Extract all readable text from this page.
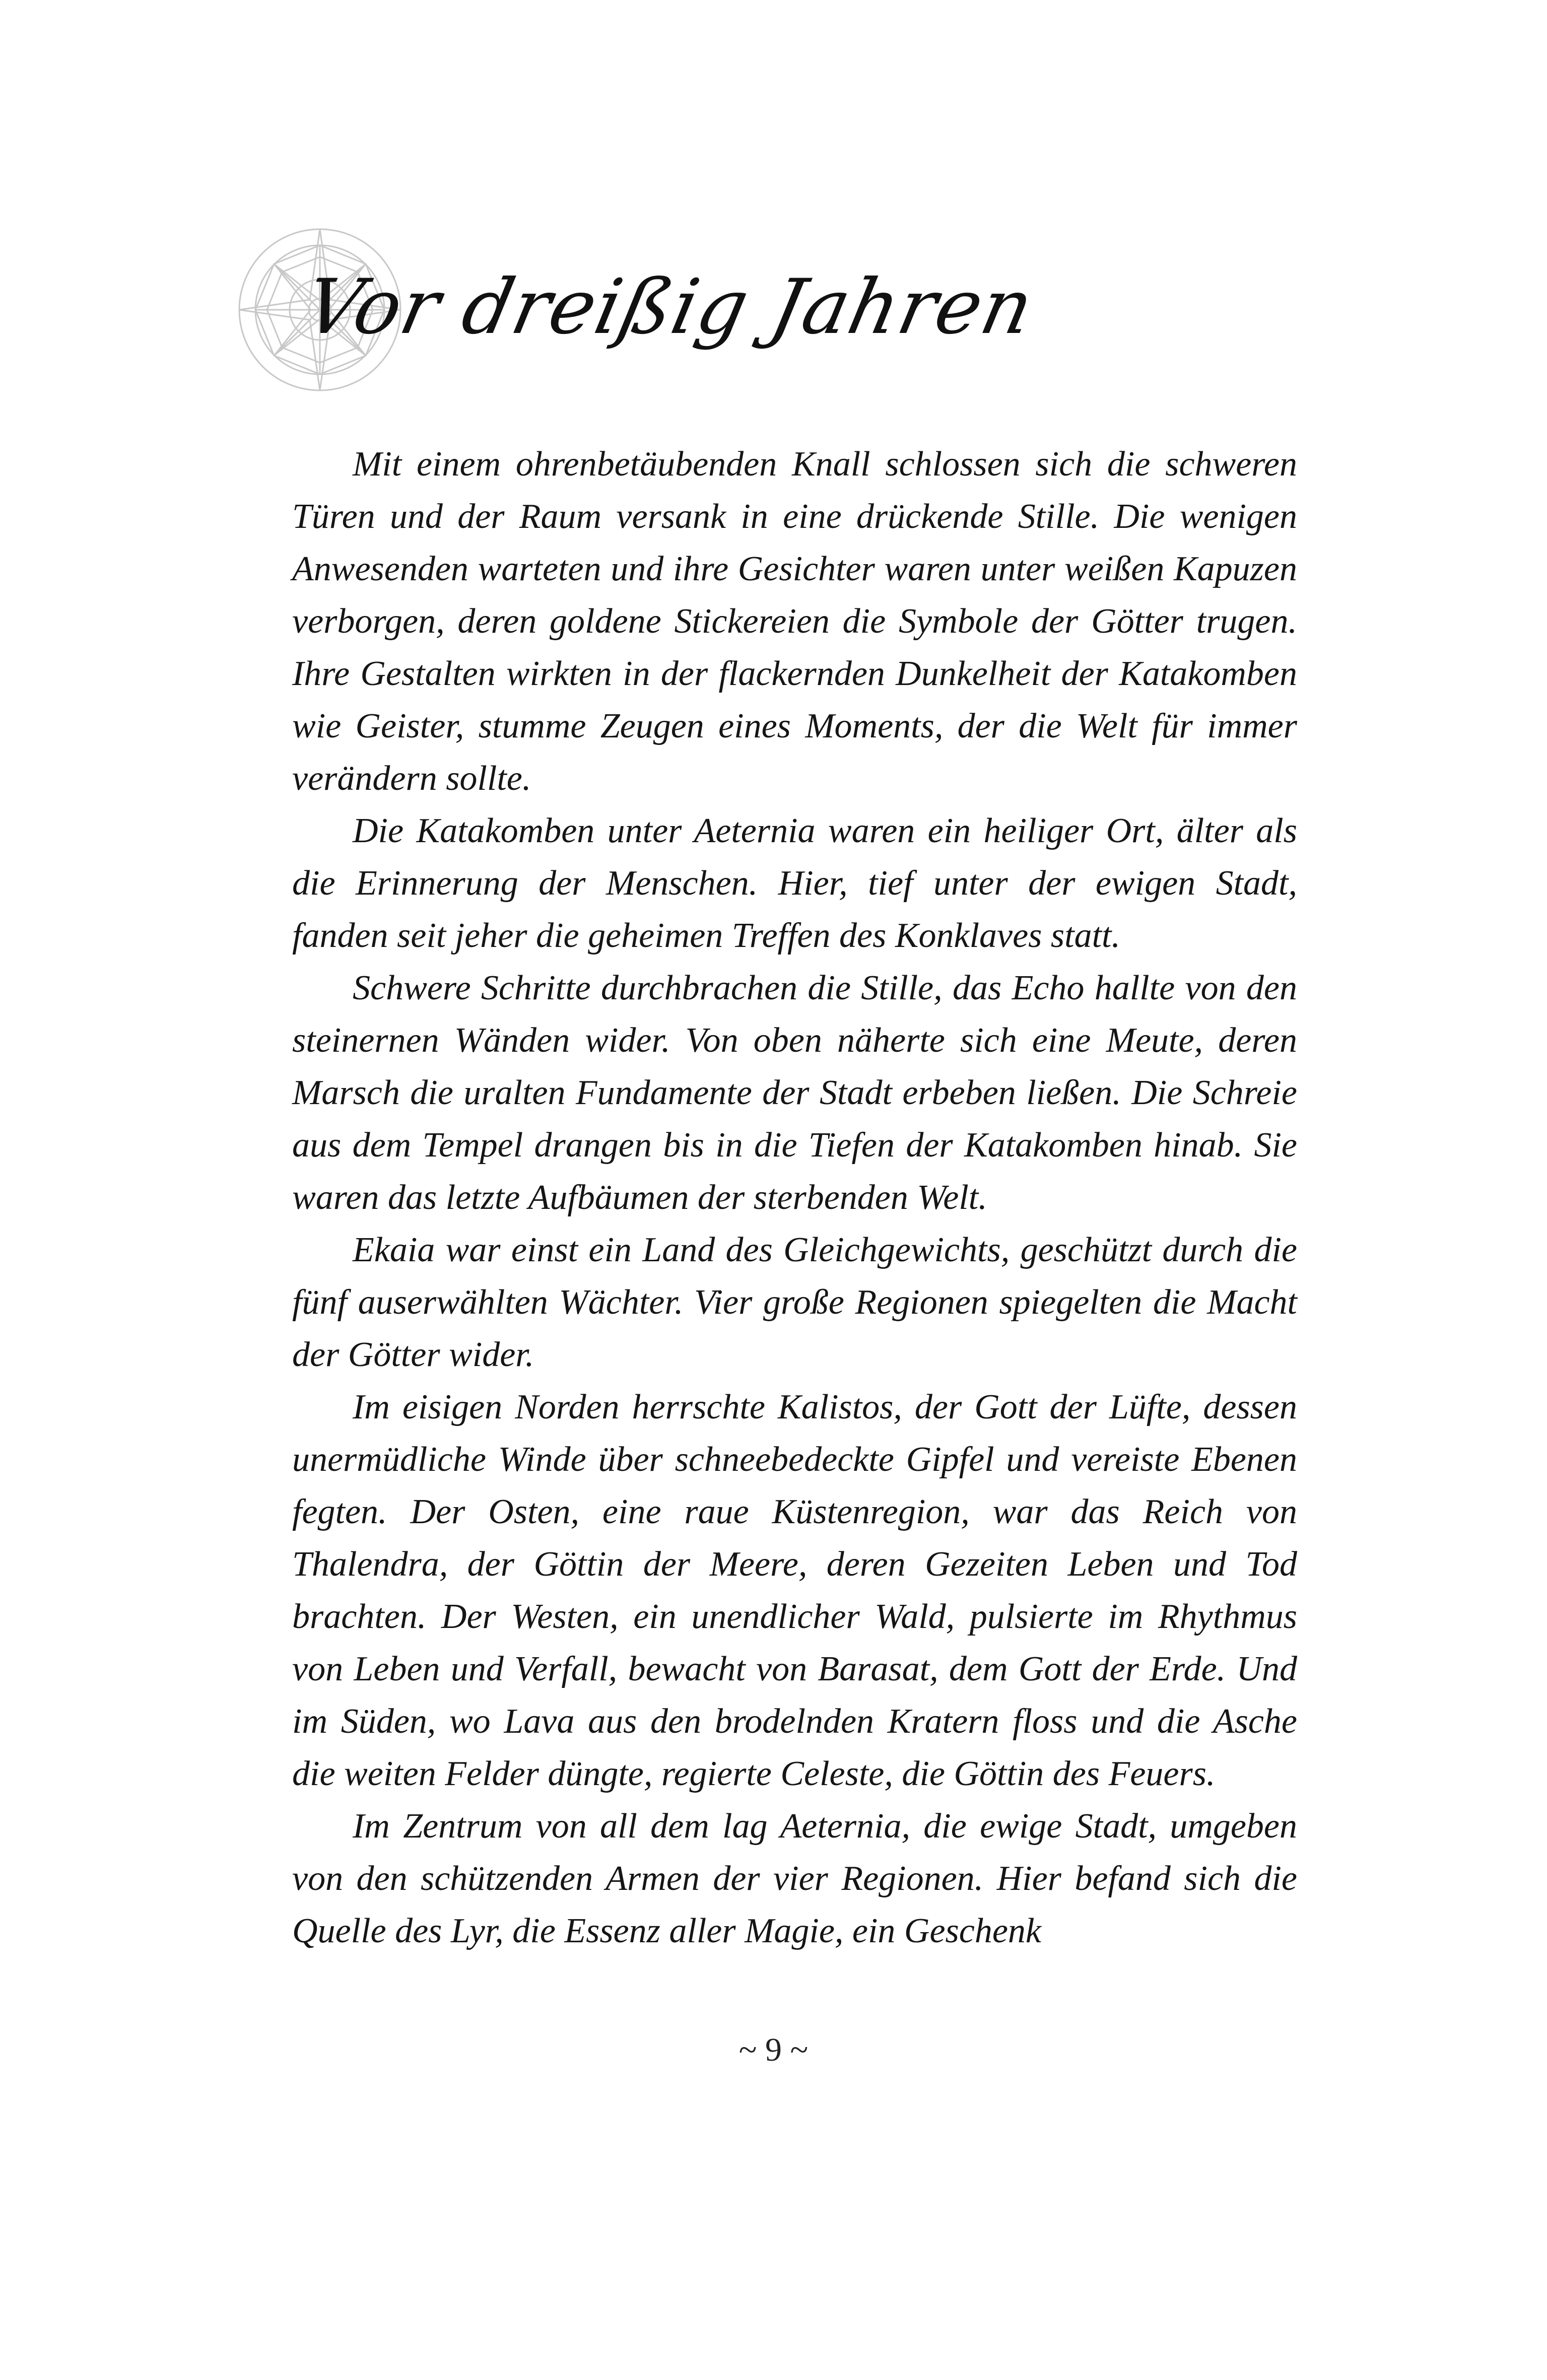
Vor dreißig Jahren

Mit einem ohrenbetäubenden Knall schlossen sich die schweren Türen und der Raum versank in eine drückende Stille. Die wenigen Anwesenden warteten und ihre Gesichter waren unter weißen Kapuzen verborgen, deren goldene Stickereien die Symbole der Götter trugen. Ihre Gestalten wirkten in der flackernden Dunkelheit der Katakomben wie Geister, stumme Zeugen eines Moments, der die Welt für immer verändern sollte.

Die Katakomben unter Aeternia waren ein heiliger Ort, älter als die Erinnerung der Menschen. Hier, tief unter der ewigen Stadt, fanden seit jeher die geheimen Treffen des Konklaves statt.

Schwere Schritte durchbrachen die Stille, das Echo hallte von den steinernen Wänden wider. Von oben näherte sich eine Meute, deren Marsch die uralten Fundamente der Stadt erbeben ließen. Die Schreie aus dem Tempel drangen bis in die Tiefen der Katakomben hinab. Sie waren das letzte Aufbäumen der sterbenden Welt.

Ekaia war einst ein Land des Gleichgewichts, geschützt durch die fünf auserwählten Wächter. Vier große Regionen spiegelten die Macht der Götter wider.

Im eisigen Norden herrschte Kalistos, der Gott der Lüfte, dessen unermüdliche Winde über schneebedeckte Gipfel und vereiste Ebenen fegten. Der Osten, eine raue Küstenregion, war das Reich von Thalendra, der Göttin der Meere, deren Gezeiten Leben und Tod brachten. Der Westen, ein unendlicher Wald, pulsierte im Rhythmus von Leben und Verfall, bewacht von Barasat, dem Gott der Erde. Und im Süden, wo Lava aus den brodelnden Kratern floss und die Asche die weiten Felder düngte, regierte Celeste, die Göttin des Feuers.

Im Zentrum von all dem lag Aeternia, die ewige Stadt, umgeben von den schützenden Armen der vier Regionen. Hier befand sich die Quelle des Lyr, die Essenz aller Magie, ein Geschenk

~ 9 ~
